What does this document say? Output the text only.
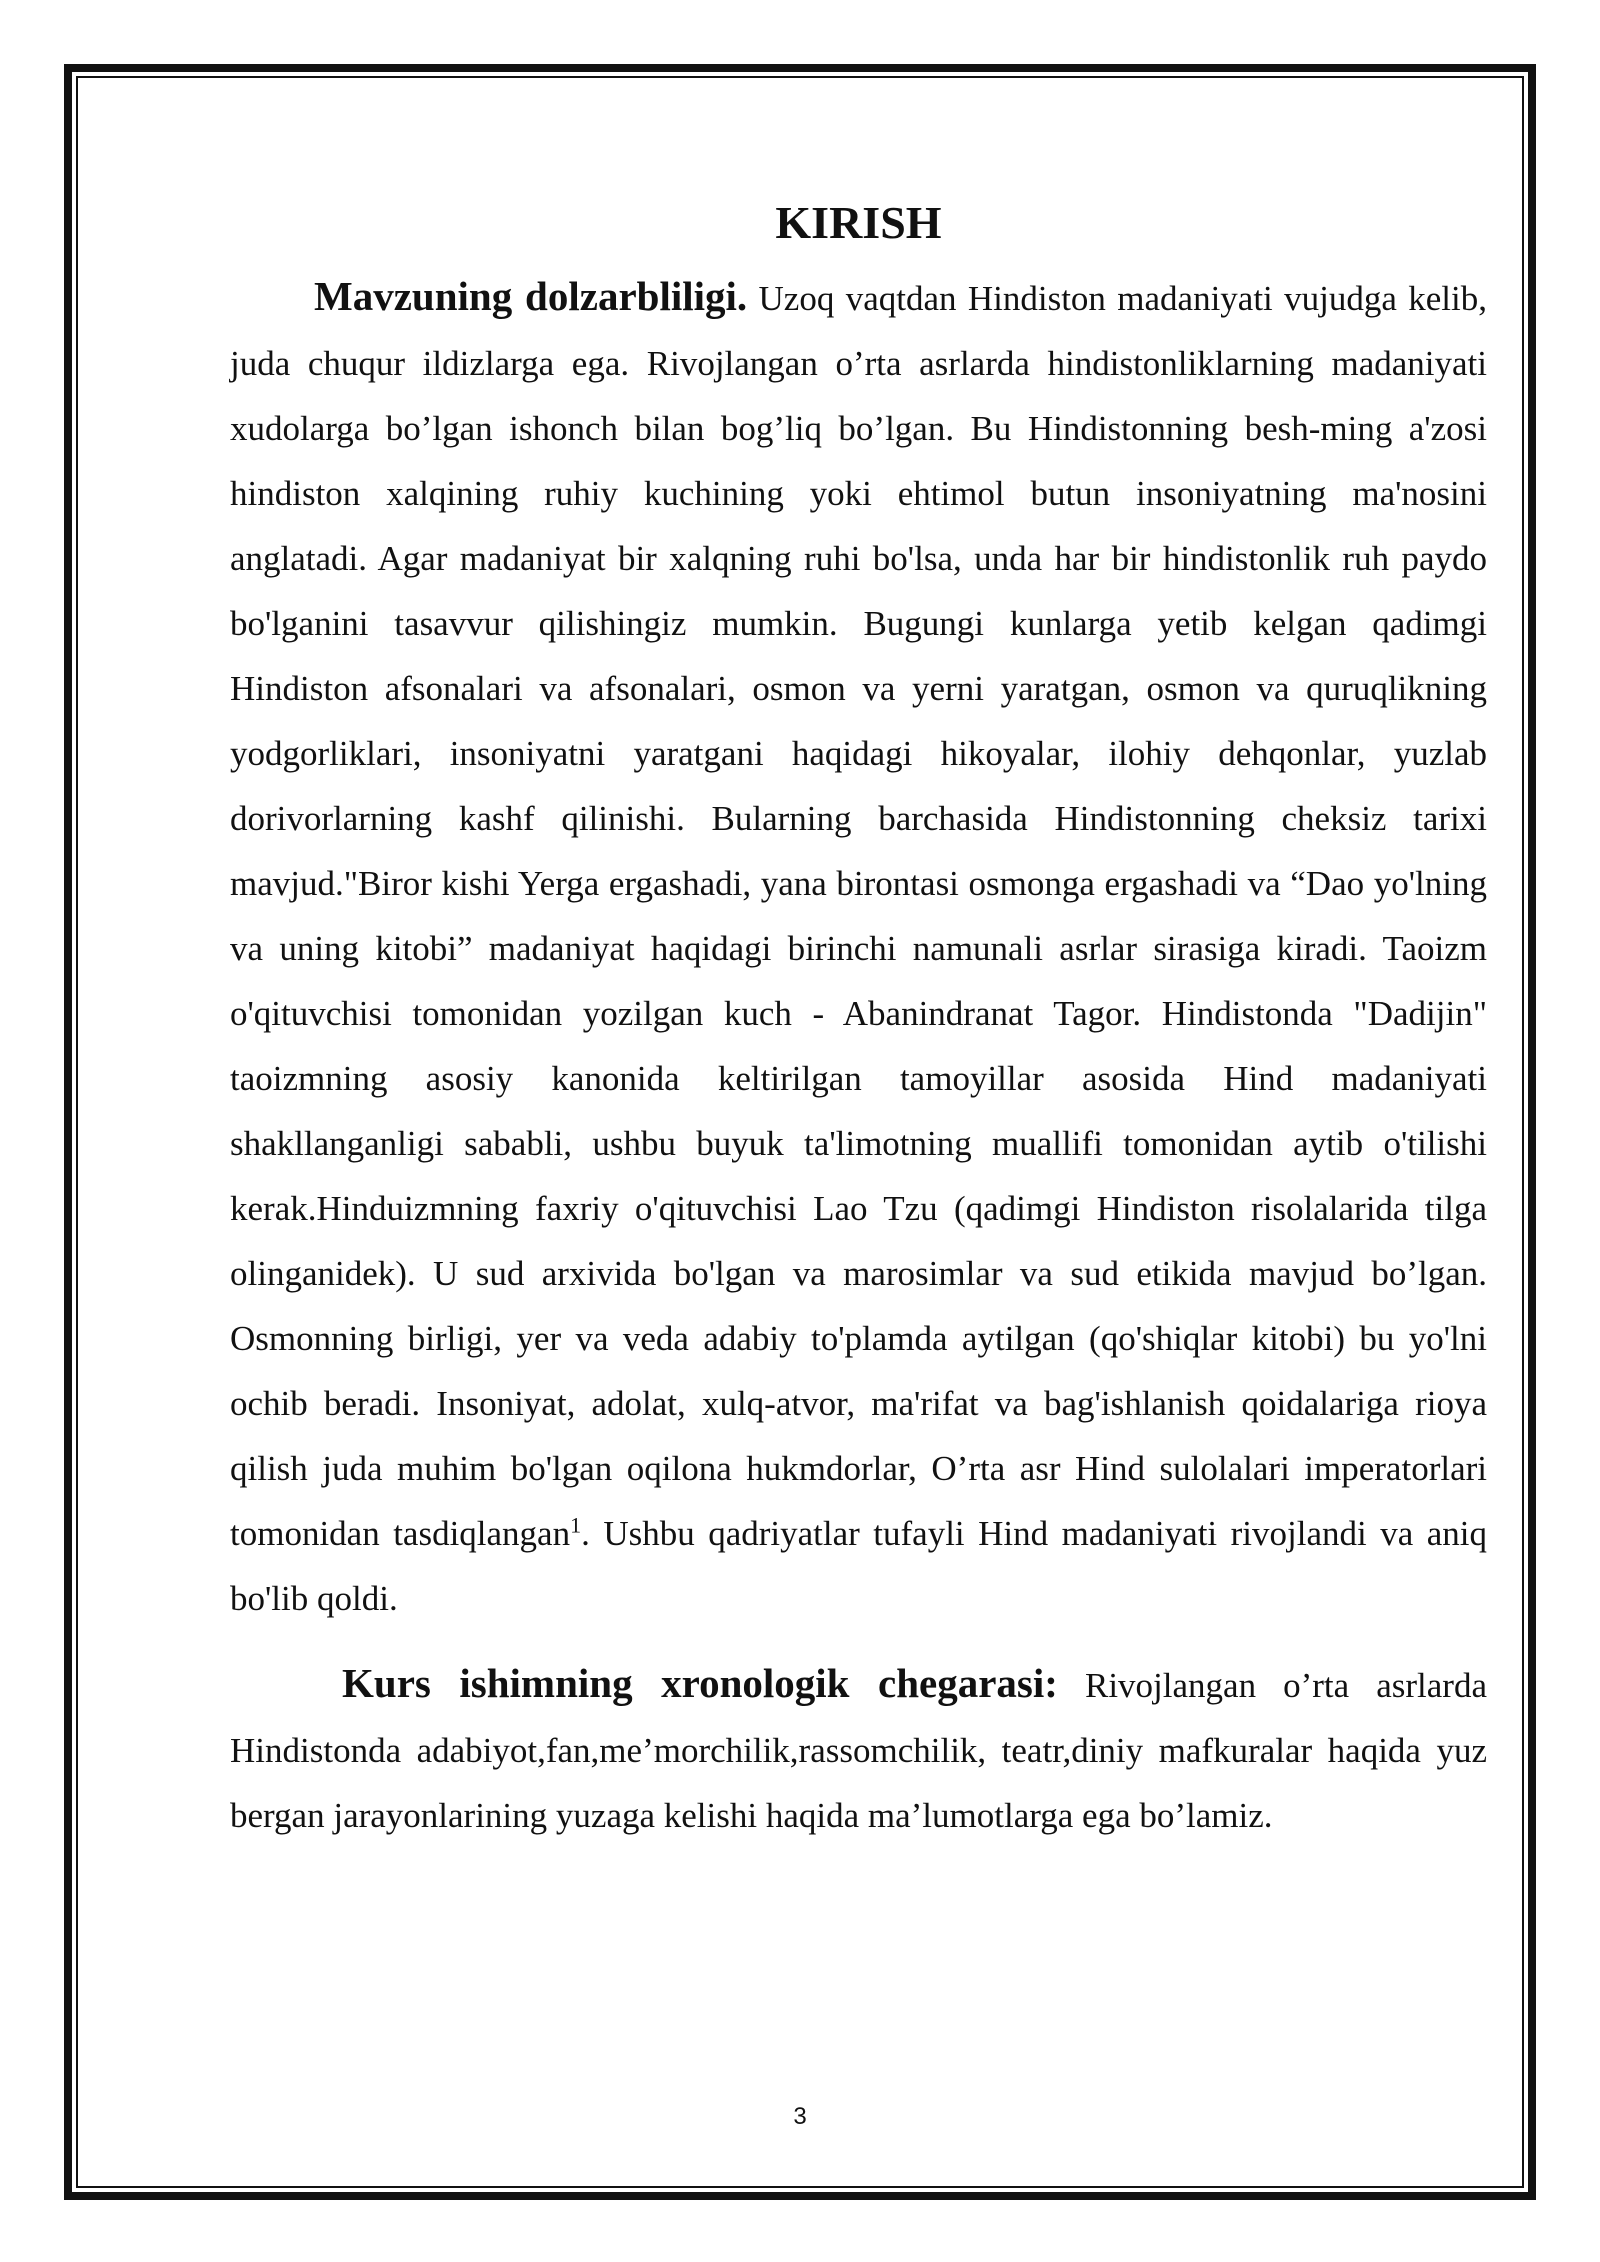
KIRISH

Mavzuning dolzarbliligi. Uzoq vaqtdan Hindiston madaniyati vujudga kelib, juda chuqur ildizlarga ega. Rivojlangan o’rta asrlarda hindistonliklarning madaniyati xudolarga bo’lgan ishonch bilan bog’liq bo’lgan. Bu Hindistonning besh-ming a'zosi hindiston xalqining ruhiy kuchining yoki ehtimol butun insoniyatning ma'nosini anglatadi. Agar madaniyat bir xalqning ruhi bo'lsa, unda har bir hindistonlik ruh paydo bo'lganini tasavvur qilishingiz mumkin. Bugungi kunlarga yetib kelgan qadimgi Hindiston afsonalari va afsonalari, osmon va yerni yaratgan, osmon va quruqlikning yodgorliklari, insoniyatni yaratgani haqidagi hikoyalar, ilohiy dehqonlar, yuzlab dorivorlarning kashf qilinishi. Bularning barchasida Hindistonning cheksiz tarixi mavjud."Biror kishi Yerga ergashadi, yana birontasi osmonga ergashadi va “Dao yo'lning va uning kitobi” madaniyat haqidagi birinchi namunali asrlar sirasiga kiradi. Taoizm o'qituvchisi tomonidan yozilgan kuch - Abanindranat Tagor. Hindistonda "Dadijin" taoizmning asosiy kanonida keltirilgan tamoyillar asosida Hind madaniyati shakllanganligi sababli, ushbu buyuk ta'limotning muallifi tomonidan aytib o'tilishi kerak.Hinduizmning faxriy o'qituvchisi Lao Tzu (qadimgi Hindiston risolalarida tilga olinganidek). U sud arxivida bo'lgan va marosimlar va sud etikida mavjud bo’lgan. Osmonning birligi, yer va veda adabiy to'plamda aytilgan (qo'shiqlar kitobi) bu yo'lni ochib beradi. Insoniyat, adolat, xulq-atvor, ma'rifat va bag'ishlanish qoidalariga rioya qilish juda muhim bo'lgan oqilona hukmdorlar, O’rta asr Hind sulolalari imperatorlari tomonidan tasdiqlangan$^1$. Ushbu qadriyatlar tufayli Hind madaniyati rivojlandi va aniq bo'lib qoldi.

Kurs ishimning xronologik chegarasi: Rivojlangan o’rta asrlarda Hindistonda adabiyot,fan,me’morchilik,rassomchilik, teatr,diniy mafkuralar haqida yuz bergan jarayonlarining yuzaga kelishi haqida ma’lumotlarga ega bo’lamiz.

3
